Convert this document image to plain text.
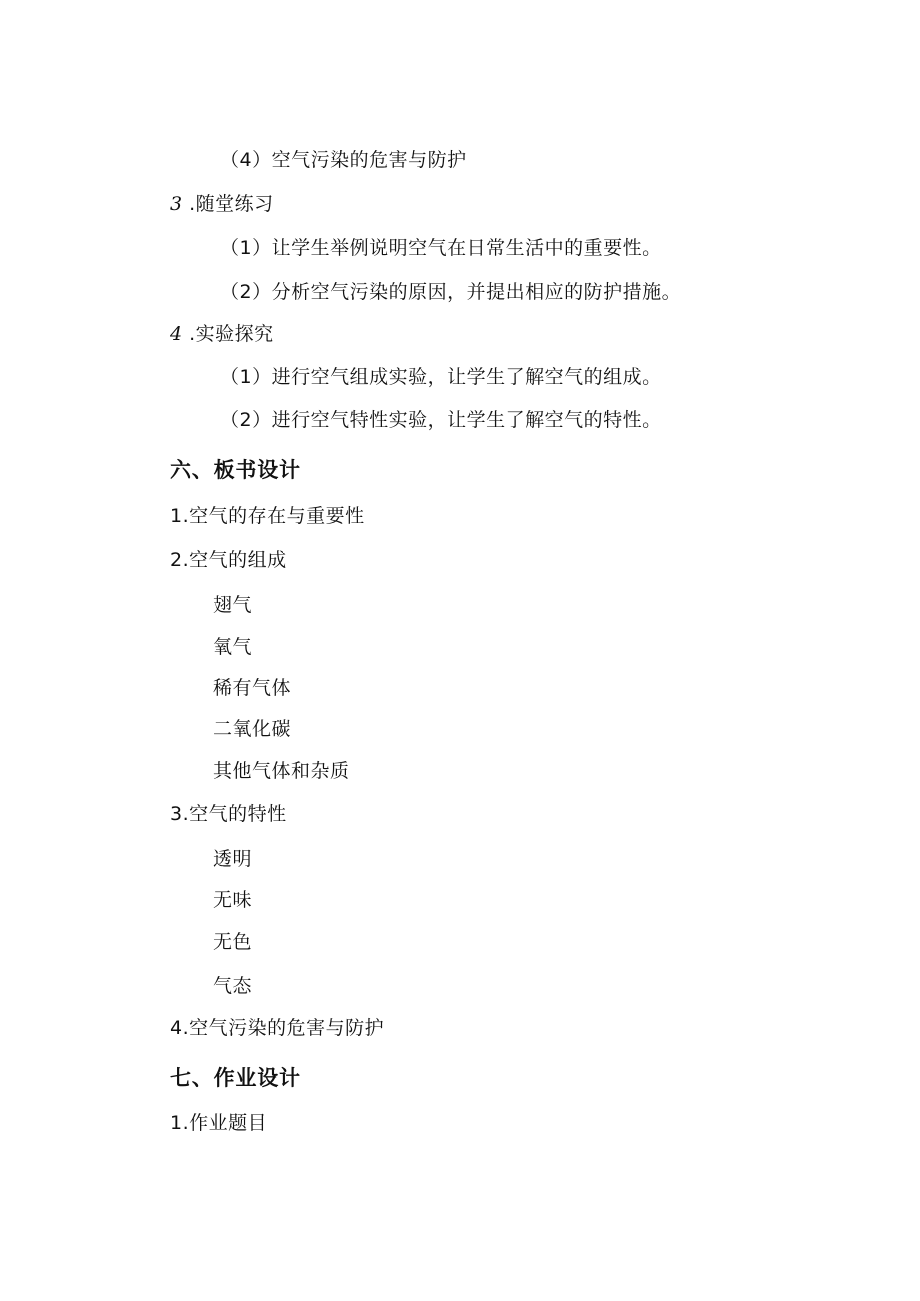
（4）空气污染的危害与防护
3 .随堂练习
（1）让学生举例说明空气在日常生活中的重要性。
（2）分析空气污染的原因，并提出相应的防护措施。
4 .实验探究
（1）进行空气组成实验，让学生了解空气的组成。
（2）进行空气特性实验，让学生了解空气的特性。
六、板书设计
1.空气的存在与重要性
2.空气的组成
翅气
氧气
稀有气体
二氧化碳
其他气体和杂质
3.空气的特性
透明
无味
无色
气态
4.空气污染的危害与防护
七、作业设计
1.作业题目
